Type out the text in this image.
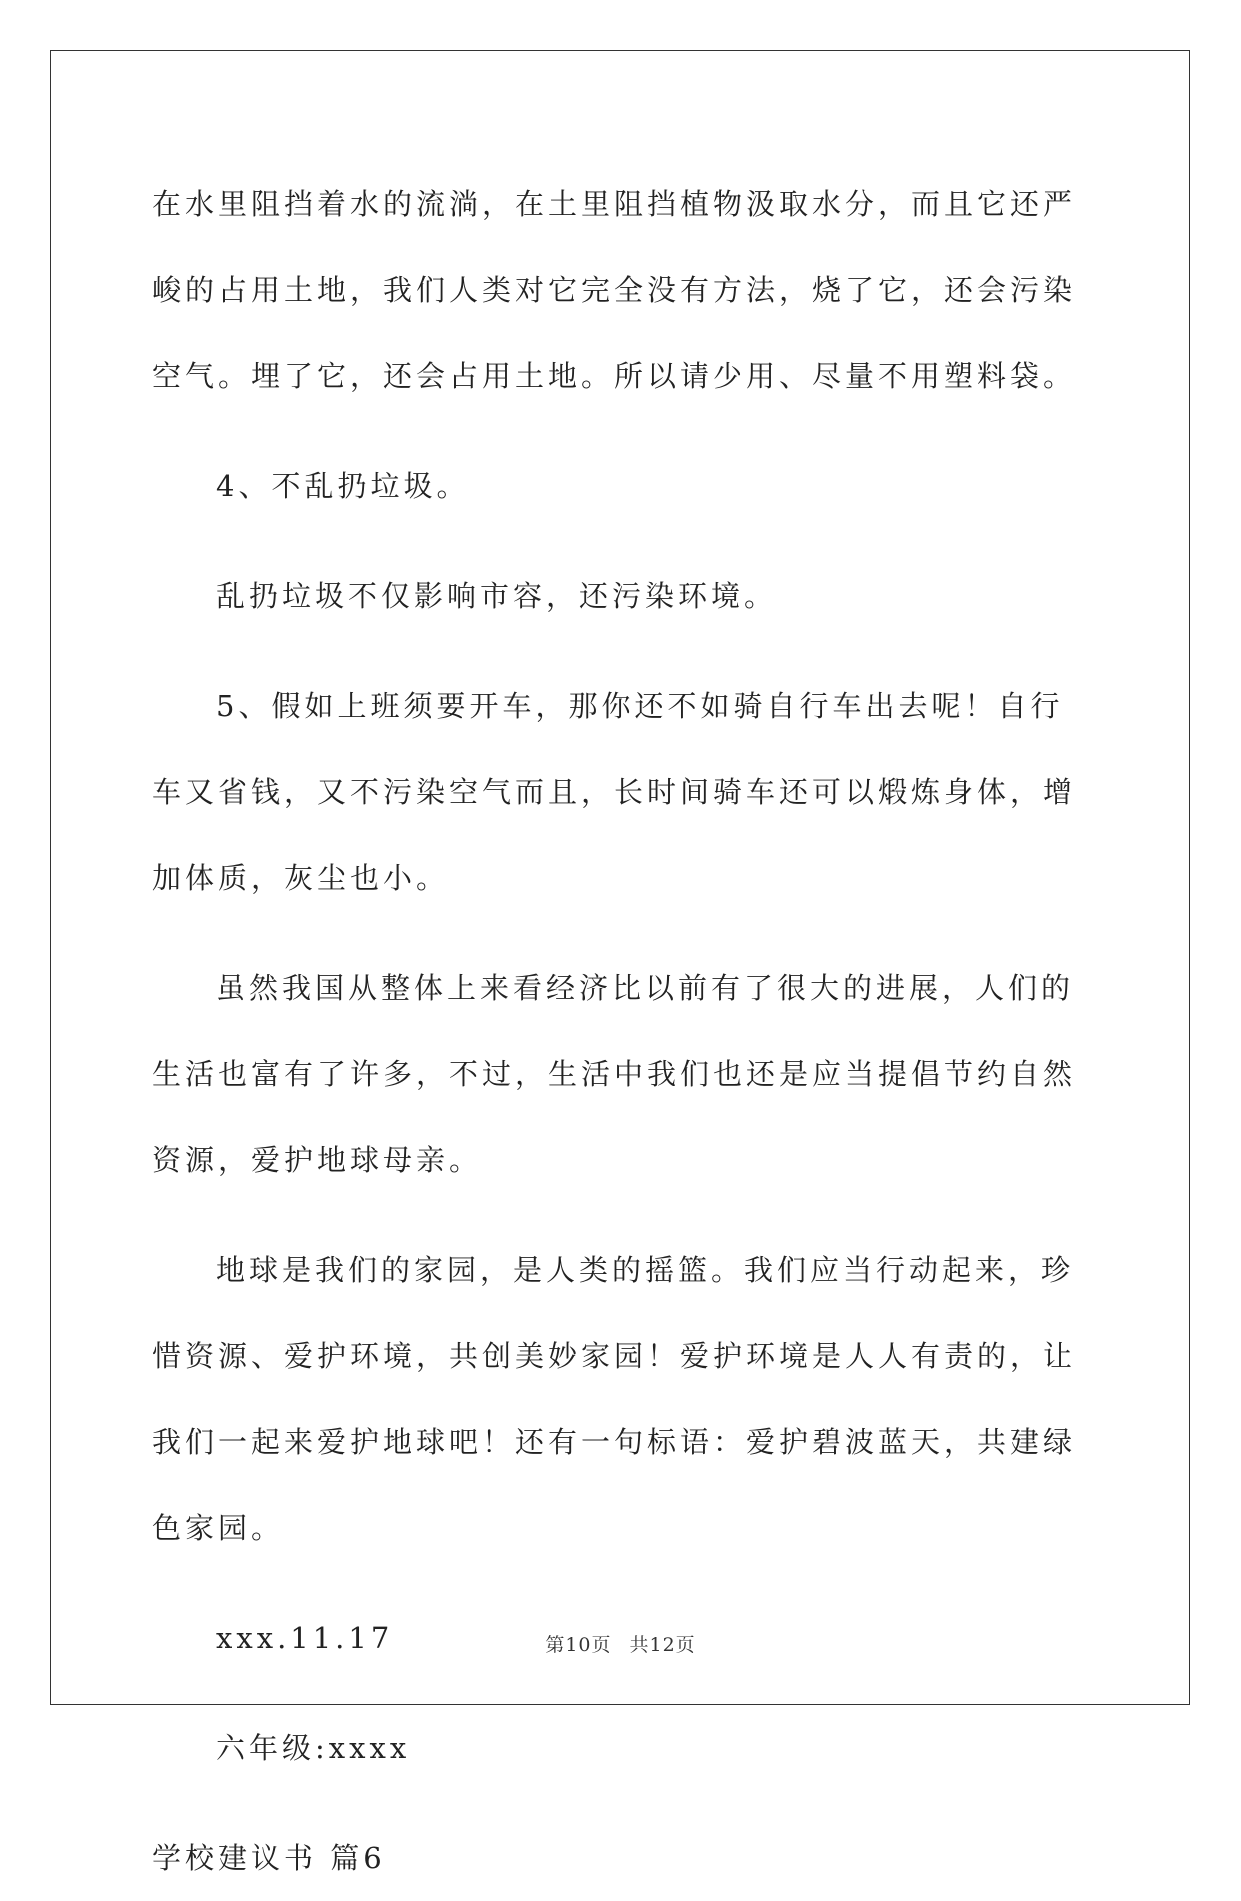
在水里阻挡着水的流淌，在土里阻挡植物汲取水分，而且它还严峻的占用土地，我们人类对它完全没有方法，烧了它，还会污染空气。埋了它，还会占用土地。所以请少用、尽量不用塑料袋。

4、不乱扔垃圾。

乱扔垃圾不仅影响市容，还污染环境。

5、假如上班须要开车，那你还不如骑自行车出去呢！自行车又省钱，又不污染空气而且，长时间骑车还可以煅炼身体，增加体质，灰尘也小。

虽然我国从整体上来看经济比以前有了很大的进展，人们的生活也富有了许多，不过，生活中我们也还是应当提倡节约自然资源，爱护地球母亲。

地球是我们的家园，是人类的摇篮。我们应当行动起来，珍惜资源、爱护环境，共创美妙家园！爱护环境是人人有责的，让我们一起来爱护地球吧！还有一句标语：爱护碧波蓝天，共建绿色家园。

xxx.11.17

六年级:xxxx

学校建议书 篇6

第10页 共12页
